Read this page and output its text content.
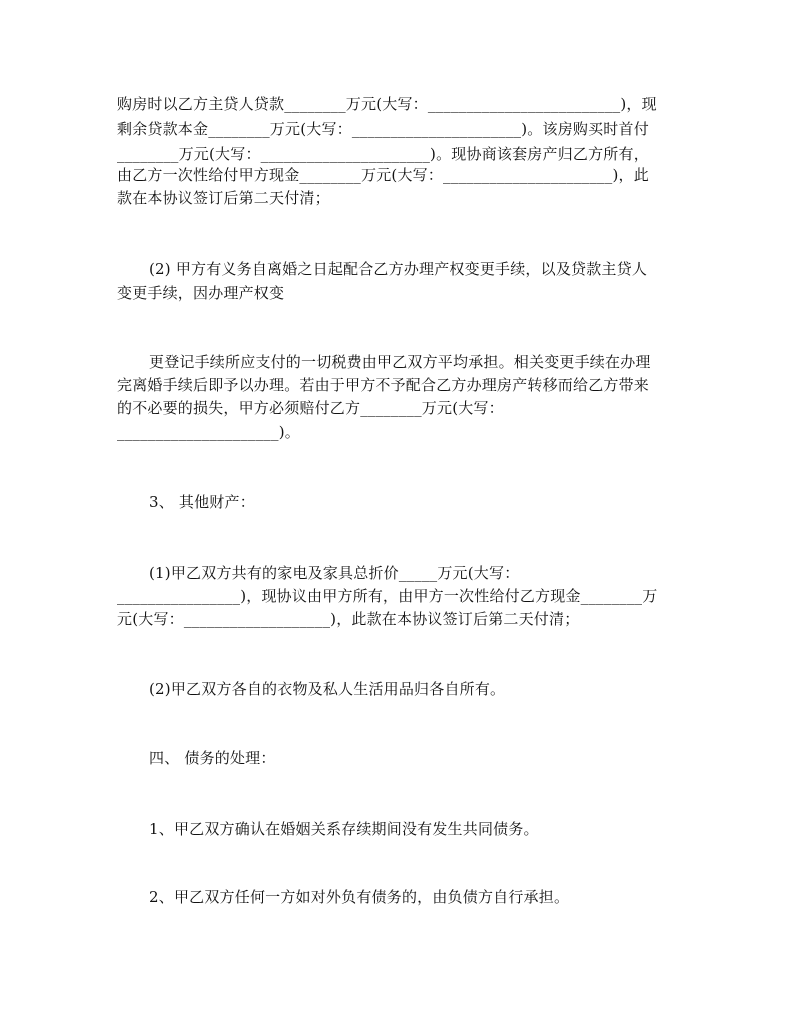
购房时以乙方主贷人贷款________万元(大写：_________________________)，现
剩余贷款本金________万元(大写：______________________)。该房购买时首付
________万元(大写：______________________)。现协商该套房产归乙方所有，
由乙方一次性给付甲方现金________万元(大写：______________________)，此
款在本协议签订后第二天付清；
(2) 甲方有义务自离婚之日起配合乙方办理产权变更手续，以及贷款主贷人
变更手续，因办理产权变
更登记手续所应支付的一切税费由甲乙双方平均承担。相关变更手续在办理
完离婚手续后即予以办理。若由于甲方不予配合乙方办理房产转移而给乙方带来
的不必要的损失，甲方必须赔付乙方________万元(大写：
_____________________)。
3、 其他财产：
(1)甲乙双方共有的家电及家具总折价_____万元(大写：
________________)，现协议由甲方所有，由甲方一次性给付乙方现金________万
元(大写：___________________)，此款在本协议签订后第二天付清；
(2)甲乙双方各自的衣物及私人生活用品归各自所有。
四、 债务的处理：
1、甲乙双方确认在婚姻关系存续期间没有发生共同债务。
2、甲乙双方任何一方如对外负有债务的，由负债方自行承担。
